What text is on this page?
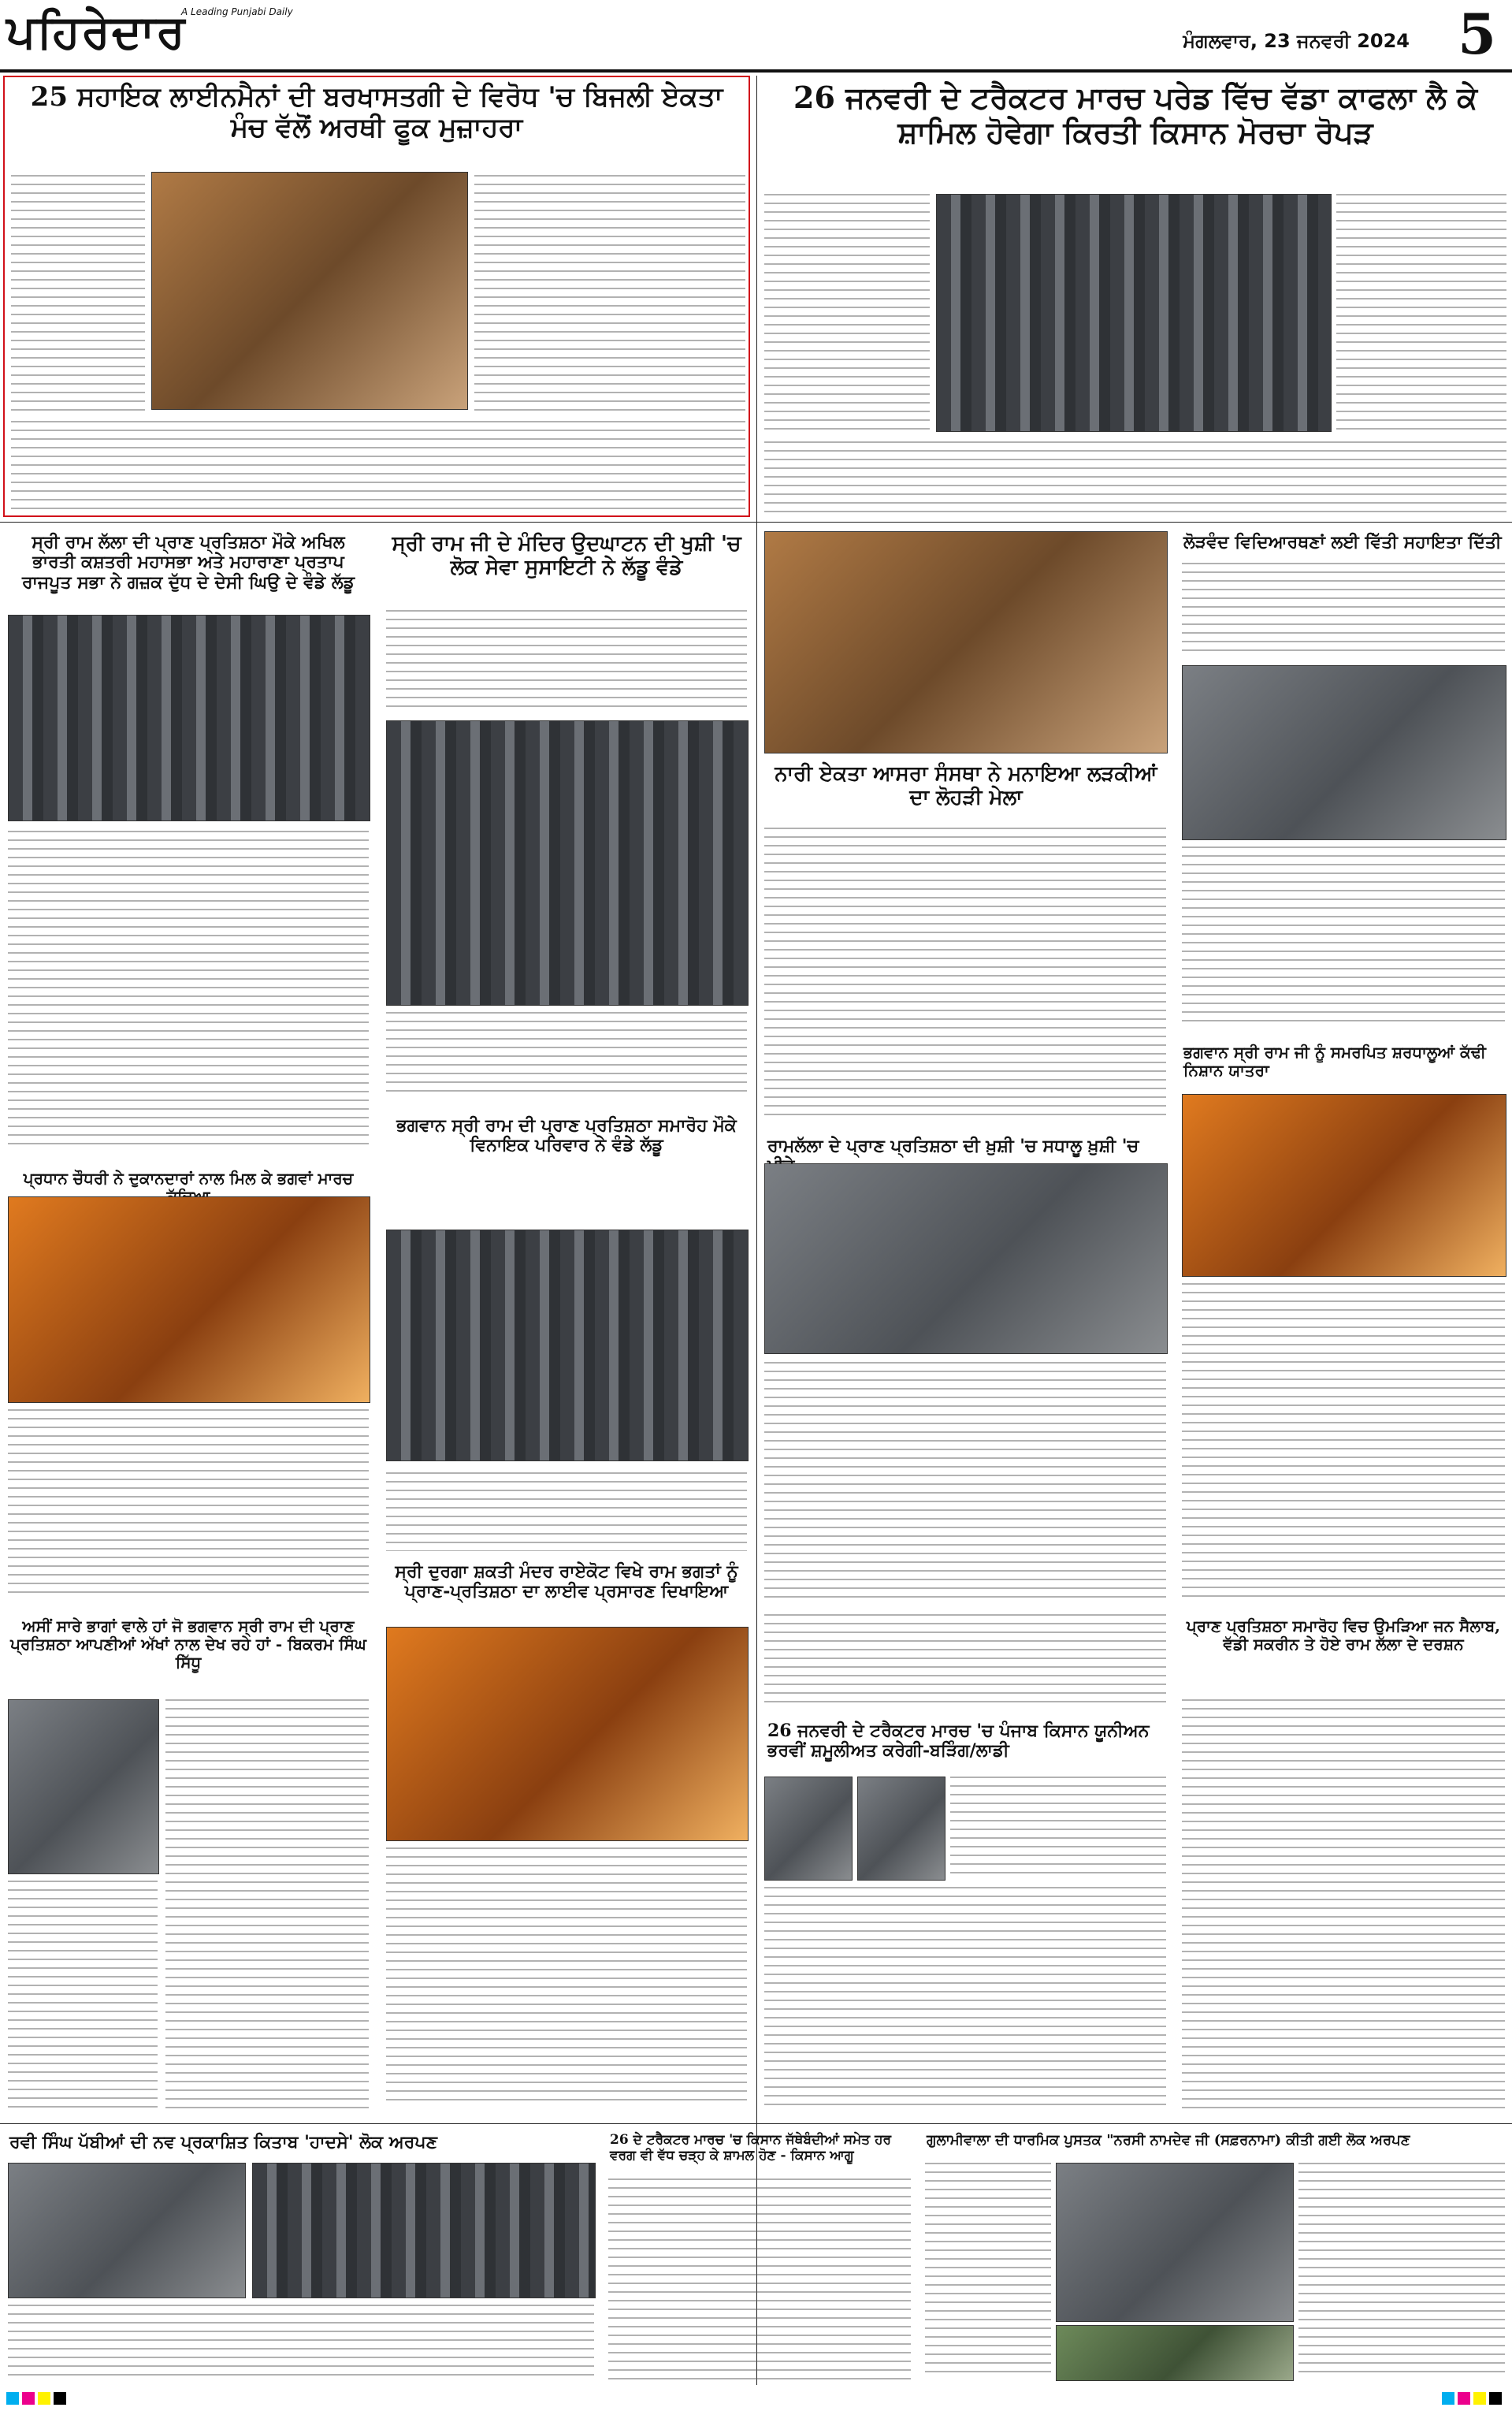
ਪਹਿਰੇਦਾਰ
A Leading Punjabi Daily
ਮੰਗਲਵਾਰ, 23 ਜਨਵਰੀ 2024 5
25 ਸਹਾਇਕ ਲਾਈਨਮੈਨਾਂ ਦੀ ਬਰਖਾਸਤਗੀ ਦੇ ਵਿਰੋਧ 'ਚ ਬਿਜਲੀ ਏਕਤਾ ਮੰਚ ਵੱਲੋਂ ਅਰਥੀ ਫੂਕ ਮੁਜ਼ਾਹਰਾ
26 ਜਨਵਰੀ ਦੇ ਟਰੈਕਟਰ ਮਾਰਚ ਪਰੇਡ ਵਿੱਚ ਵੱਡਾ ਕਾਫਲਾ ਲੈ ਕੇ ਸ਼ਾਮਿਲ ਹੋਵੇਗਾ ਕਿਰਤੀ ਕਿਸਾਨ ਮੋਰਚਾ ਰੋਪੜ
ਸ੍ਰੀ ਰਾਮ ਲੱਲਾ ਦੀ ਪ੍ਰਾਣ ਪ੍ਰਤਿਸ਼ਠਾ ਮੌਕੇ ਅਖਿਲ ਭਾਰਤੀ ਕਸ਼ਤਰੀ ਮਹਾਸਭਾ ਅਤੇ ਮਹਾਰਾਣਾ ਪ੍ਰਤਾਪ ਰਾਜਪੂਤ ਸਭਾ ਨੇ ਗਜ਼ਕ ਦੁੱਧ ਦੇ ਦੇਸੀ ਘਿਉ ਦੇ ਵੰਡੇ ਲੱਡੂ
ਸ੍ਰੀ ਰਾਮ ਜੀ ਦੇ ਮੰਦਿਰ ਉਦਘਾਟਨ ਦੀ ਖੁਸ਼ੀ 'ਚ ਲੋਕ ਸੇਵਾ ਸੁਸਾਇਟੀ ਨੇ ਲੱਡੂ ਵੰਡੇ
ਭਗਵਾਨ ਸ੍ਰੀ ਰਾਮ ਦੀ ਪ੍ਰਾਣ ਪ੍ਰਤਿਸ਼ਠਾ ਸਮਾਰੋਹ ਮੌਕੇ ਵਿਨਾਇਕ ਪਰਿਵਾਰ ਨੇ ਵੰਡੇ ਲੱਡੂ
ਨਾਰੀ ਏਕਤਾ ਆਸਰਾ ਸੰਸਥਾ ਨੇ ਮਨਾਇਆ ਲੜਕੀਆਂ ਦਾ ਲੋਹੜੀ ਮੇਲਾ
ਲੋੜਵੰਦ ਵਿਦਿਆਰਥਣਾਂ ਲਈ ਵਿੱਤੀ ਸਹਾਇਤਾ ਦਿੱਤੀ
ਭਗਵਾਨ ਸ੍ਰੀ ਰਾਮ ਜੀ ਨੂੰ ਸਮਰਪਿਤ ਸ਼ਰਧਾਲੂਆਂ ਕੱਢੀ ਨਿਸ਼ਾਨ ਯਾਤਰਾ
ਪ੍ਰਧਾਨ ਚੌਧਰੀ ਨੇ ਦੁਕਾਨਦਾਰਾਂ ਨਾਲ ਮਿਲ ਕੇ ਭਗਵਾਂ ਮਾਰਚ
ਰਾਮਲੱਲਾ ਦੇ ਪ੍ਰਾਣ ਪ੍ਰਤਿਸ਼ਠਾ ਦੀ ਖ਼ੁਸ਼ੀ 'ਚ ਸਧਾਲੂ ਖ਼ੁਸ਼ੀ 'ਚ
ਅਸੀਂ ਸਾਰੇ ਭਾਗਾਂ ਵਾਲੇ ਹਾਂ ਜੋ ਭਗਵਾਨ ਸ੍ਰੀ ਰਾਮ ਦੀ ਪ੍ਰਾਣ ਪ੍ਰਤਿਸ਼ਠਾ ਆਪਣੀਆਂ ਅੱਖਾਂ ਨਾਲ ਦੇਖ ਰਹੇ ਹਾਂ - ਬਿਕਰਮ ਸਿੰਘ ਸਿੱਧੂ
ਸ੍ਰੀ ਦੁਰਗਾ ਸ਼ਕਤੀ ਮੰਦਰ ਰਾਏਕੋਟ ਵਿਖੇ ਰਾਮ ਭਗਤਾਂ ਨੂੰ ਪ੍ਰਾਣ-ਪ੍ਰਤਿਸ਼ਠਾ ਦਾ ਲਾਈਵ ਪ੍ਰਸਾਰਣ ਦਿਖਾਇਆ
26 ਜਨਵਰੀ ਦੇ ਟਰੈਕਟਰ ਮਾਰਚ 'ਚ ਪੰਜਾਬ ਕਿਸਾਨ ਯੂਨੀਅਨ ਭਰਵੀਂ ਸ਼ਮੂਲੀਅਤ ਕਰੇਗੀ-ਬੜਿੰਗ/ਲਾਡੀ
ਪ੍ਰਾਣ ਪ੍ਰਤਿਸ਼ਠਾ ਸਮਾਰੋਹ ਵਿਚ ਉਮੜਿਆ ਜਨ ਸੈਲਾਬ, ਵੱਡੀ ਸਕਰੀਨ ਤੇ ਹੋਏ ਰਾਮ ਲੱਲਾ ਦੇ ਦਰਸ਼ਨ
ਰਵੀ ਸਿੰਘ ਪੱਬੀਆਂ ਦੀ ਨਵ ਪ੍ਰਕਾਸ਼ਿਤ ਕਿਤਾਬ 'ਹਾਦਸੇ' ਲੋਕ ਅਰਪਣ	26 ਦੇ ਟਰੈਕਟਰ ਮਾਰਚ 'ਚ ਕਿਸਾਨ ਜੱਥੇਬੰਦੀਆਂ ਸਮੇਤ ਹਰ ਵਰਗ ਵੀ ਵੱਧ ਚੜ੍ਹ ਕੇ ਸ਼ਾਮਲ ਹੋਣ - ਕਿਸਾਨ ਆਗੂ
ਗੁਲਾਮੀਵਾਲਾ ਦੀ ਧਾਰਮਿਕ ਪੁਸਤਕ "ਨਰਸੀ ਨਾਮਦੇਵ ਜੀ (ਸਫ਼ਰਨਾਮਾ) ਕੀਤੀ ਗਈ ਲੋਕ ਅਰਪਣ
